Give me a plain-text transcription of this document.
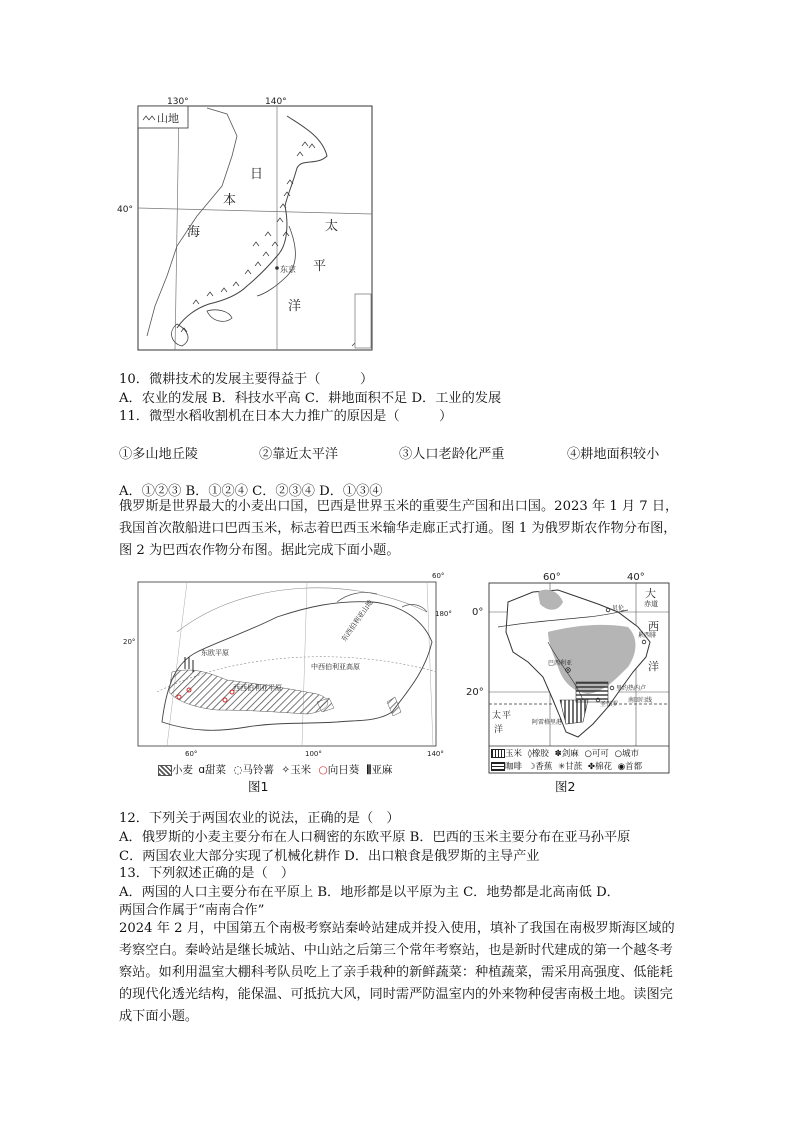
山地
130°	140°
40°
日
本
海	太
平
洋
东京
10．微耕技术的发展主要得益于（　　　）
A．农业的发展 B．科技水平高 C．耕地面积不足 D．工业的发展
11．微型水稻收割机在日本大力推广的原因是（　　　）
①多山地丘陵	②靠近太平洋	③人口老龄化严重	④耕地面积较小
A．①②③ B．①②④ C．②③④ D．①③④
俄罗斯是世界最大的小麦出口国，巴西是世界玉米的重要生产国和出口国。2023 年 1 月 7 日，我国首次散船进口巴西玉米，标志着巴西玉米输华走廊正式打通。图 1 为俄罗斯农作物分布图，图 2 为巴西农作物分布图。据此完成下面小题。
60°
180°
100°	140°
60°
20°
东欧平原
西西伯利亚平原
中西伯利亚高原
东西伯利亚山地
小麦 ɑ甜菜 ◌马铃薯 ✧玉米 ○向日葵 ⫼亚麻
图1
60°	40°
0°
20°
赤道
大
西
洋
太 平
洋
巴西利亚
里约热内卢
圣保罗
累西腓
贝伦
南回归线
阿雷格里港
玉米 ◊橡胶 ✽剑麻 ○可可 ○城市
咖啡 ☽香蕉 ✳甘蔗 ✤棉花 ◉首都
图2
12．下列关于两国农业的说法，正确的是（　）
A．俄罗斯的小麦主要分布在人口稠密的东欧平原 B．巴西的玉米主要分布在亚马孙平原
C．两国农业大部分实现了机械化耕作 D．出口粮食是俄罗斯的主导产业
13．下列叙述正确的是（　）
A．两国的人口主要分布在平原上 B．地形都是以平原为主 C．地势都是北高南低 D．
两国合作属于“南南合作”
2024 年 2 月，中国第五个南极考察站秦岭站建成并投入使用，填补了我国在南极罗斯海区域的考察空白。秦岭站是继长城站、中山站之后第三个常年考察站，也是新时代建成的第一个越冬考察站。如利用温室大棚科考队员吃上了亲手栽种的新鲜蔬菜：种植蔬菜，需采用高强度、低能耗的现代化透光结构，能保温、可抵抗大风，同时需严防温室内的外来物种侵害南极土地。读图完成下面小题。
